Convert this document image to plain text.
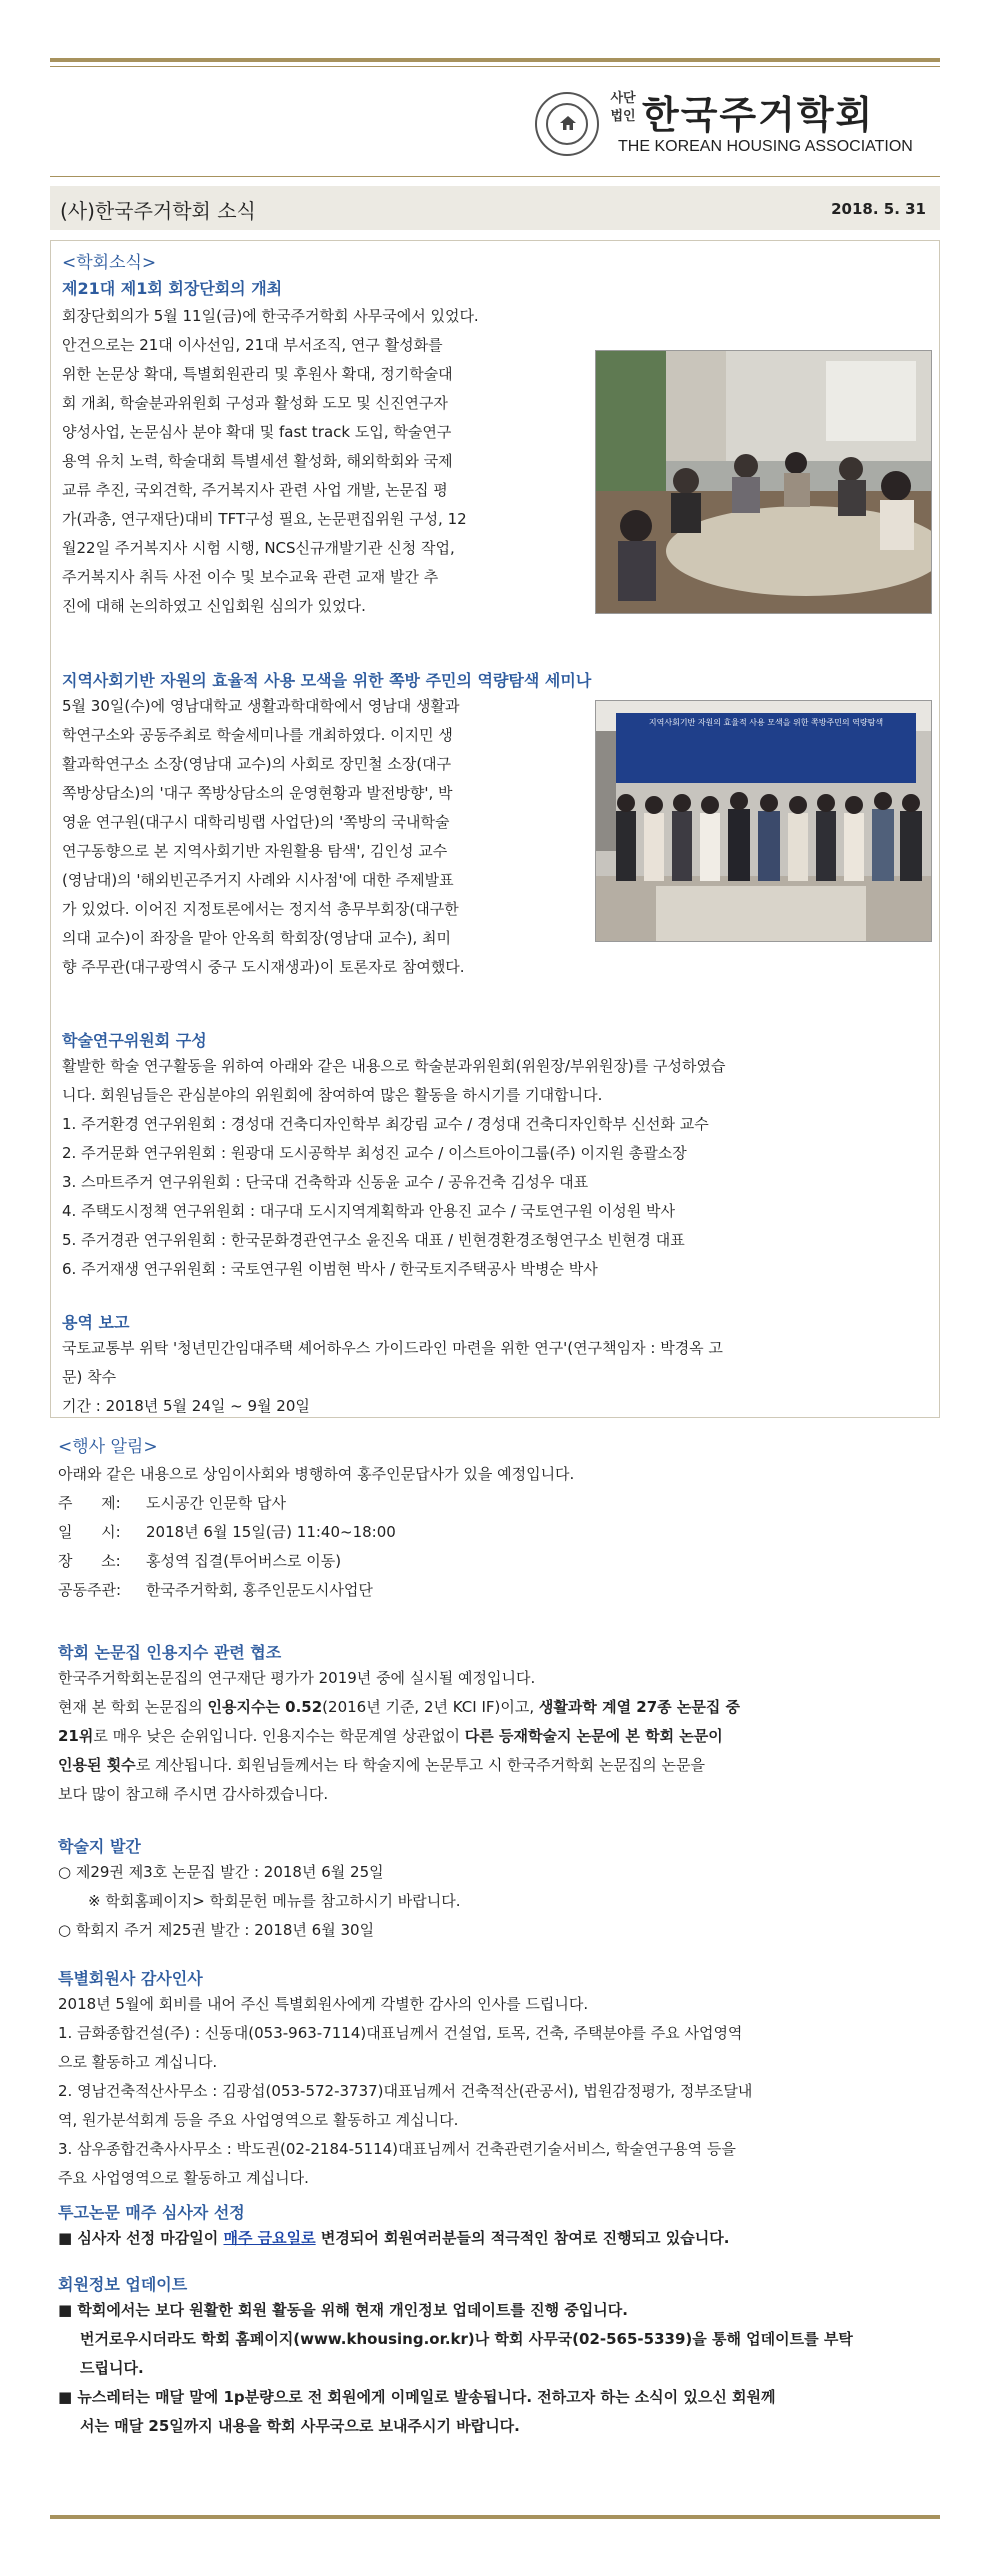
사단
법인 한국주거학회
THE KOREAN HOUSING ASSOCIATION
(사)한국주거학회 소식	2018. 5. 31
<학회소식>
제21대 제1회 회장단회의 개최
회장단회의가 5월 11일(금)에 한국주거학회 사무국에서 있었다.
안건으로는 21대 이사선임, 21대 부서조직, 연구 활성화를
위한 논문상 확대, 특별회원관리 및 후원사 확대, 정기학술대
회 개최, 학술분과위원회 구성과 활성화 도모 및 신진연구자
양성사업, 논문심사 분야 확대 및 fast track 도입, 학술연구
용역 유치 노력, 학술대회 특별세션 활성화, 해외학회와 국제
교류 추진, 국외견학, 주거복지사 관련 사업 개발, 논문집 평
가(과총, 연구재단)대비 TFT구성 필요, 논문편집위원 구성, 12
월22일 주거복지사 시험 시행, NCS신규개발기관 신청 작업,
주거복지사 취득 사전 이수 및 보수교육 관련 교재 발간 추
진에 대해 논의하였고 신입회원 심의가 있었다.
지역사회기반 자원의 효율적 사용 모색을 위한 쪽방 주민의 역량탐색 세미나
5월 30일(수)에 영남대학교 생활과학대학에서 영남대 생활과
학연구소와 공동주최로 학술세미나를 개최하였다. 이지민 생
활과학연구소 소장(영남대 교수)의 사회로 장민철 소장(대구
쪽방상담소)의 '대구 쪽방상담소의 운영현황과 발전방향', 박
영윤 연구원(대구시 대학리빙랩 사업단)의 '쪽방의 국내학술
연구동향으로 본 지역사회기반 자원활용 탐색', 김인성 교수
(영남대)의 '해외빈곤주거지 사례와 시사점'에 대한 주제발표
가 있었다. 이어진 지정토론에서는 정지석 총무부회장(대구한
의대 교수)이 좌장을 맡아 안옥희 학회장(영남대 교수), 최미
향 주무관(대구광역시 중구 도시재생과)이 토론자로 참여했다.
지역사회기반 자원의 효율적 사용 모색을 위한 쪽방주민의 역량탐색
학술연구위원회 구성
활발한 학술 연구활동을 위하여 아래와 같은 내용으로 학술분과위원회(위원장/부위원장)를 구성하였습
니다. 회원님들은 관심분야의 위원회에 참여하여 많은 활동을 하시기를 기대합니다.
1. 주거환경 연구위원회 : 경성대 건축디자인학부 최강림 교수 / 경성대 건축디자인학부 신선화 교수
2. 주거문화 연구위원회 : 원광대 도시공학부 최성진 교수 / 이스트아이그룹(주) 이지원 총괄소장
3. 스마트주거 연구위원회 : 단국대 건축학과 신동윤 교수 / 공유건축 김성우 대표
4. 주택도시정책 연구위원회 : 대구대 도시지역계획학과 안용진 교수 / 국토연구원 이성원 박사
5. 주거경관 연구위원회 : 한국문화경관연구소 윤진옥 대표 / 빈현경환경조형연구소 빈현경 대표
6. 주거재생 연구위원회 : 국토연구원 이범현 박사 / 한국토지주택공사 박병순 박사
용역 보고
국토교통부 위탁 '청년민간임대주택 셰어하우스 가이드라인 마련을 위한 연구'(연구책임자 : 박경옥 고
문) 착수
기간 : 2018년 5월 24일 ~ 9월 20일
<행사 알림>
아래와 같은 내용으로 상임이사회와 병행하여 홍주인문답사가 있을 예정입니다.
주      제: 도시공간 인문학 답사
일      시: 2018년 6월 15일(금) 11:40~18:00
장      소: 홍성역 집결(투어버스로 이동)
공동주관: 한국주거학회, 홍주인문도시사업단
학회 논문집 인용지수 관련 협조
한국주거학회논문집의 연구재단 평가가 2019년 중에 실시될 예정입니다.
현재 본 학회 논문집의 인용지수는 0.52(2016년 기준, 2년 KCI IF)이고, 생활과학 계열 27종 논문집 중
21위로 매우 낮은 순위입니다. 인용지수는 학문계열 상관없이 다른 등재학술지 논문에 본 학회 논문이
인용된 횟수로 계산됩니다. 회원님들께서는 타 학술지에 논문투고 시 한국주거학회 논문집의 논문을
보다 많이 참고해 주시면 감사하겠습니다.
학술지 발간
○ 제29권 제3호 논문집 발간 : 2018년 6월 25일
※ 학회홈페이지> 학회문헌 메뉴를 참고하시기 바랍니다.
○ 학회지 주거 제25권 발간 : 2018년 6월 30일
특별회원사 감사인사
2018년 5월에 회비를 내어 주신 특별회원사에게 각별한 감사의 인사를 드립니다.
1. 금화종합건설(주) : 신동대(053-963-7114)대표님께서 건설업, 토목, 건축, 주택분야를 주요 사업영역
으로 활동하고 계십니다.
2. 영남건축적산사무소 : 김광섭(053-572-3737)대표님께서 건축적산(관공서), 법원감정평가, 정부조달내
역, 원가분석회계 등을 주요 사업영역으로 활동하고 계십니다.
3. 삼우종합건축사사무소 : 박도권(02-2184-5114)대표님께서 건축관련기술서비스, 학술연구용역 등을
주요 사업영역으로 활동하고 계십니다.
투고논문 매주 심사자 선정
■ 심사자 선정 마감일이 매주 금요일로 변경되어 회원여러분들의 적극적인 참여로 진행되고 있습니다.
회원정보 업데이트
■ 학회에서는 보다 원활한 회원 활동을 위해 현재 개인정보 업데이트를 진행 중입니다.
번거로우시더라도 학회 홈페이지(www.khousing.or.kr)나 학회 사무국(02-565-5339)을 통해 업데이트를 부탁
드립니다.
■ 뉴스레터는 매달 말에 1p분량으로 전 회원에게 이메일로 발송됩니다. 전하고자 하는 소식이 있으신 회원께
서는 매달 25일까지 내용을 학회 사무국으로 보내주시기 바랍니다.
